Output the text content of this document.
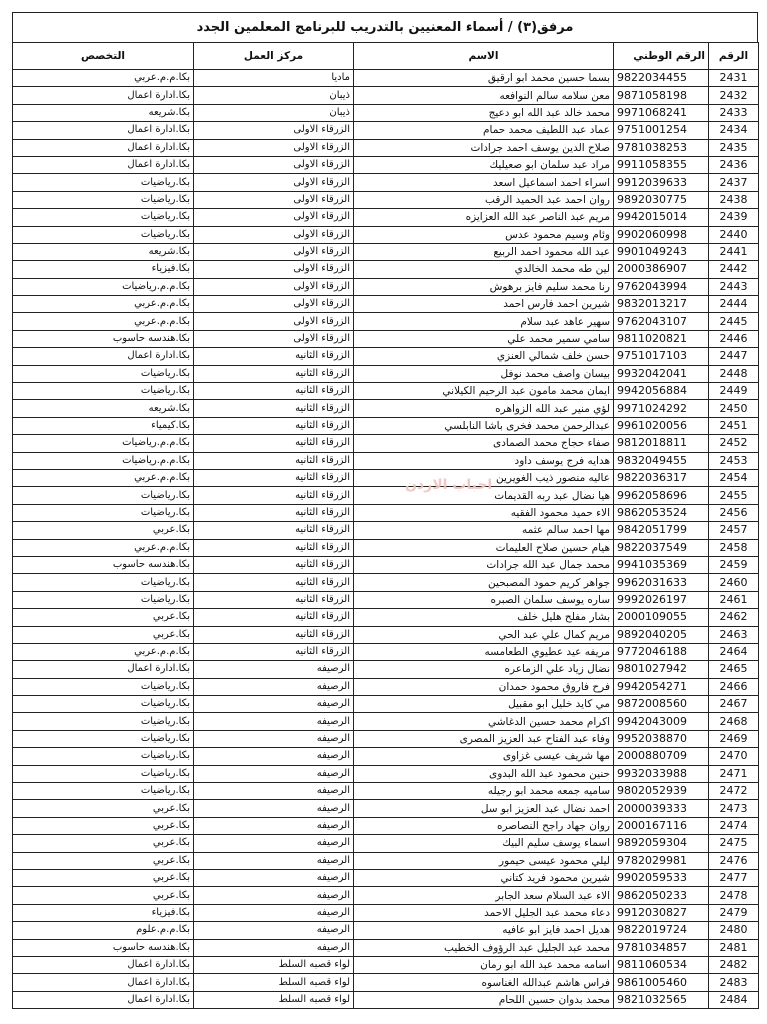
مرفق(٣) / أسماء المعنيين بالتدريب للبرنامج المعلمين الجدد
الرقم	الرقم الوطني	الاسم	مركز العمل	التخصص
2431	9822034455	بسما حسين محمد ابو ارقيق	ماديا	بكا.م.م.عربي
2432	9871058198	معن سلامه سالم النوافعه	ذيبان	بكا.ادارة اعمال
2433	9971068241	محمد خالد عبد الله ابو دعيج	ذيبان	بكا.شريعه
2434	9751001254	عماد عبد اللطيف محمد حمام	الزرقاء الاولى	بكا.ادارة اعمال
2435	9781038253	صلاح الدين يوسف احمد جرادات	الزرقاء الاولى	بكا.ادارة اعمال
2436	9911058355	مراد عبد سلمان ابو صعيليك	الزرقاء الاولى	بكا.ادارة اعمال
2437	9912039633	اسراء احمد اسماعيل اسعد	الزرقاء الاولى	بكا.رياضيات
2438	9892030775	روان احمد عبد الحميد الرقب	الزرقاء الاولى	بكا.رياضيات
2439	9942015014	مريم عبد الناصر عبد الله العزايزه	الزرقاء الاولى	بكا.رياضيات
2440	9902060998	وئام وسيم محمود عدس	الزرقاء الاولى	بكا.رياضيات
2441	9901049243	عبد الله محمود احمد الربيع	الزرقاء الاولى	بكا.شريعه
2442	2000386907	لين طه محمد الخالدي	الزرقاء الاولى	بكا.فيزياء
2443	9762043994	رنا محمد سليم فايز برهوش	الزرقاء الاولى	بكا.م.م.رياضيات
2444	9832013217	شيرين احمد فارس احمد	الزرقاء الاولى	بكا.م.م.عربي
2445	9762043107	سهير عاهد عبد سلام	الزرقاء الاولى	بكا.م.م.عربي
2446	9811020821	سامي سمير محمد علي	الزرقاء الاولى	بكا.هندسه حاسوب
2447	9751017103	حسن خلف شمالي العنزي	الزرقاء الثانيه	بكا.ادارة اعمال
2448	9932042041	بيسان واصف محمد نوفل	الزرقاء الثانيه	بكا.رياضيات
2449	9942056884	ايمان محمد مامون عبد الرحيم الكيلاني	الزرقاء الثانيه	بكا.رياضيات
2450	9971024292	لؤي منير عبد الله الزواهره	الزرقاء الثانيه	بكا.شريعه
2451	9961020056	عبدالرحمن محمد فخرى باشا النابلسي	الزرقاء الثانيه	بكا.كيمياء
2452	9812018811	صفاء حجاج محمد الصمادى	الزرقاء الثانيه	بكا.م.م.رياضيات
2453	9832049455	هدايه فرج يوسف داود	الزرقاء الثانيه	بكا.م.م.رياضيات
2454	9822036317	عاليه منصور ذيب الغويرين	الزرقاء الثانيه	بكا.م.م.عربي
2455	9962058696	هيا نضال عبد ربه القديمات	الزرقاء الثانيه	بكا.رياضيات
2456	9862053524	الاء حميد محمود الفقيه	الزرقاء الثانيه	بكا.رياضيات
2457	9842051799	مها احمد سالم عثمه	الزرقاء الثانيه	بكا.عربي
2458	9822037549	هيام حسين صلاح العليمات	الزرقاء الثانيه	بكا.م.م.عربي
2459	9941035369	محمد جمال عبد الله جرادات	الزرقاء الثانيه	بكا.هندسه حاسوب
2460	9962031633	جواهر كريم حمود المصبحين	الزرقاء الثانيه	بكا.رياضيات
2461	9992026197	ساره يوسف سلمان الصبره	الزرقاء الثانيه	بكا.رياضيات
2462	2000109055	بشار مفلح هليل خلف	الزرقاء الثانيه	بكا.عربي
2463	9892040205	مريم كمال علي عبد الحي	الزرقاء الثانيه	بكا.عربي
2464	9772046188	مريفه عيد عطيوي الطعامسه	الزرقاء الثانيه	بكا.م.م.عربي
2465	9801027942	نضال زياد علي الزماعره	الرصيفه	بكا.ادارة اعمال
2466	9942054271	فرح فاروق محمود حمدان	الرصيفه	بكا.رياضيات
2467	9872008560	مي كايد خليل ابو مقبيل	الرصيفه	بكا.رياضيات
2468	9942043009	اكرام محمد حسين الدغاشي	الرصيفه	بكا.رياضيات
2469	9952038870	وفاء عبد الفتاح عبد العزيز المصرى	الرصيفه	بكا.رياضيات
2470	2000880709	مها شريف عيسى غزاوى	الرصيفه	بكا.رياضيات
2471	9932033988	حنين محمود عبد الله البدوى	الرصيفه	بكا.رياضيات
2472	9802052939	ساميه جمعه محمد ابو رجيله	الرصيفه	بكا.رياضيات
2473	2000039333	احمد نضال عبد العزيز ابو سل	الرصيفه	بكا.عربي
2474	2000167116	روان جهاد راجح النصاصره	الرصيفه	بكا.عربي
2475	9892059304	اسماء يوسف سليم البيك	الرصيفه	بكا.عربي
2476	9782029981	ليلي محمود عيسى حيمور	الرصيفه	بكا.عربي
2477	9902059533	شيرين محمود فريد كتاني	الرصيفه	بكا.عربي
2478	9862050233	الاء عبد السلام سعد الجابر	الرصيفه	بكا.عربي
2479	9912030827	دعاء محمد عبد الجليل الاحمد	الرصيفه	بكا.فيزياء
2480	9822019724	هديل احمد فايز ابو عافيه	الرصيفه	بكا.م.م.علوم
2481	9781034857	محمد عبد الجليل عبد الرؤوف الخطيب	الرصيفه	بكا.هندسه حاسوب
2482	9811060534	اسامه محمد عبد الله ابو رمان	لواء قصبه السلط	بكا.ادارة اعمال
2483	9861005460	فراس هاشم عبدالله الغناسوه	لواء قصبه السلط	بكا.ادارة اعمال
2484	9821032565	محمد بدوان حسين اللحام	لواء قصبه السلط	بكا.ادارة اعمال
احباب الاردن
